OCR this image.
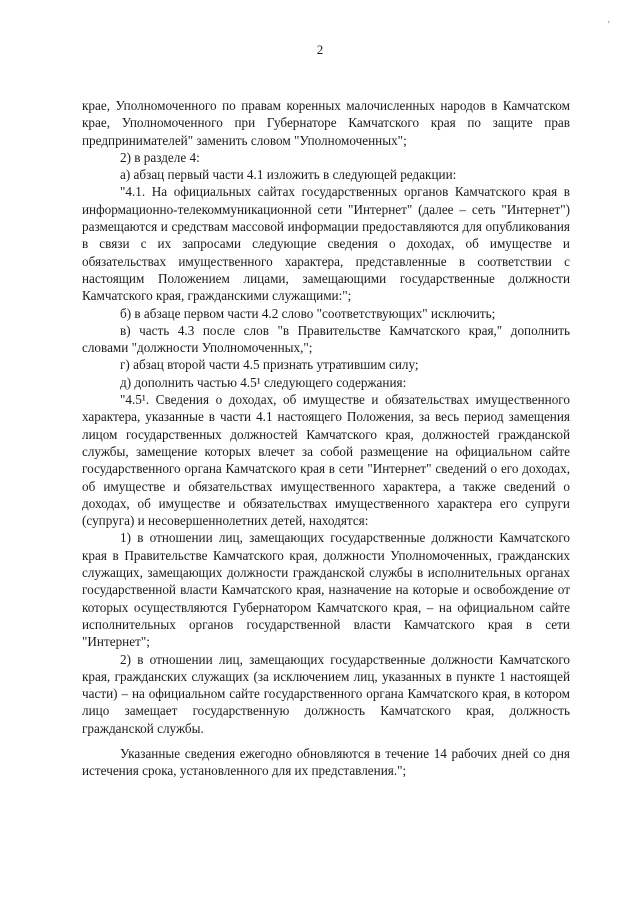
,
2

крае, Уполномоченного по правам коренных малочисленных народов в Камчатском крае, Уполномоченного при Губернаторе Камчатского края по защите прав предпринимателей" заменить словом "Уполномоченных";

2) в разделе 4:

а) абзац первый части 4.1 изложить в следующей редакции:

"4.1. На официальных сайтах государственных органов Камчатского края в информационно-телекоммуникационной сети "Интернет" (далее – сеть "Интернет") размещаются и средствам массовой информации предоставляются для опубликования в связи с их запросами следующие сведения о доходах, об имуществе и обязательствах имущественного характера, представленные в соответствии с настоящим Положением лицами, замещающими государственные должности Камчатского края, гражданскими служащими:";

б) в абзаце первом части 4.2 слово "соответствующих" исключить;

в) часть 4.3 после слов "в Правительстве Камчатского края," дополнить словами "должности Уполномоченных,";

г) абзац второй части 4.5 признать утратившим силу;

д) дополнить частью 4.5¹ следующего содержания:

"4.5¹. Сведения о доходах, об имуществе и обязательствах имущественного характера, указанные в части 4.1 настоящего Положения, за весь период замещения лицом государственных должностей Камчатского края, должностей гражданской службы, замещение которых влечет за собой размещение на официальном сайте государственного органа Камчатского края в сети "Интернет" сведений о его доходах, об имуществе и обязательствах имущественного характера, а также сведений о доходах, об имуществе и обязательствах имущественного характера его супруги (супруга) и несовершеннолетних детей, находятся:

1) в отношении лиц, замещающих государственные должности Камчатского края в Правительстве Камчатского края, должности Уполномоченных, гражданских служащих, замещающих должности гражданской службы в исполнительных органах государственной власти Камчатского края, назначение на которые и освобождение от которых осуществляются Губернатором Камчатского края, – на официальном сайте исполнительных органов государственной власти Камчатского края в сети "Интернет";

2) в отношении лиц, замещающих государственные должности Камчатского края, гражданских служащих (за исключением лиц, указанных в пункте 1 настоящей части) – на официальном сайте государственного органа Камчатского края, в котором лицо замещает государственную должность Камчатского края, должность гражданской службы.

Указанные сведения ежегодно обновляются в течение 14 рабочих дней со дня истечения срока, установленного для их представления.";
